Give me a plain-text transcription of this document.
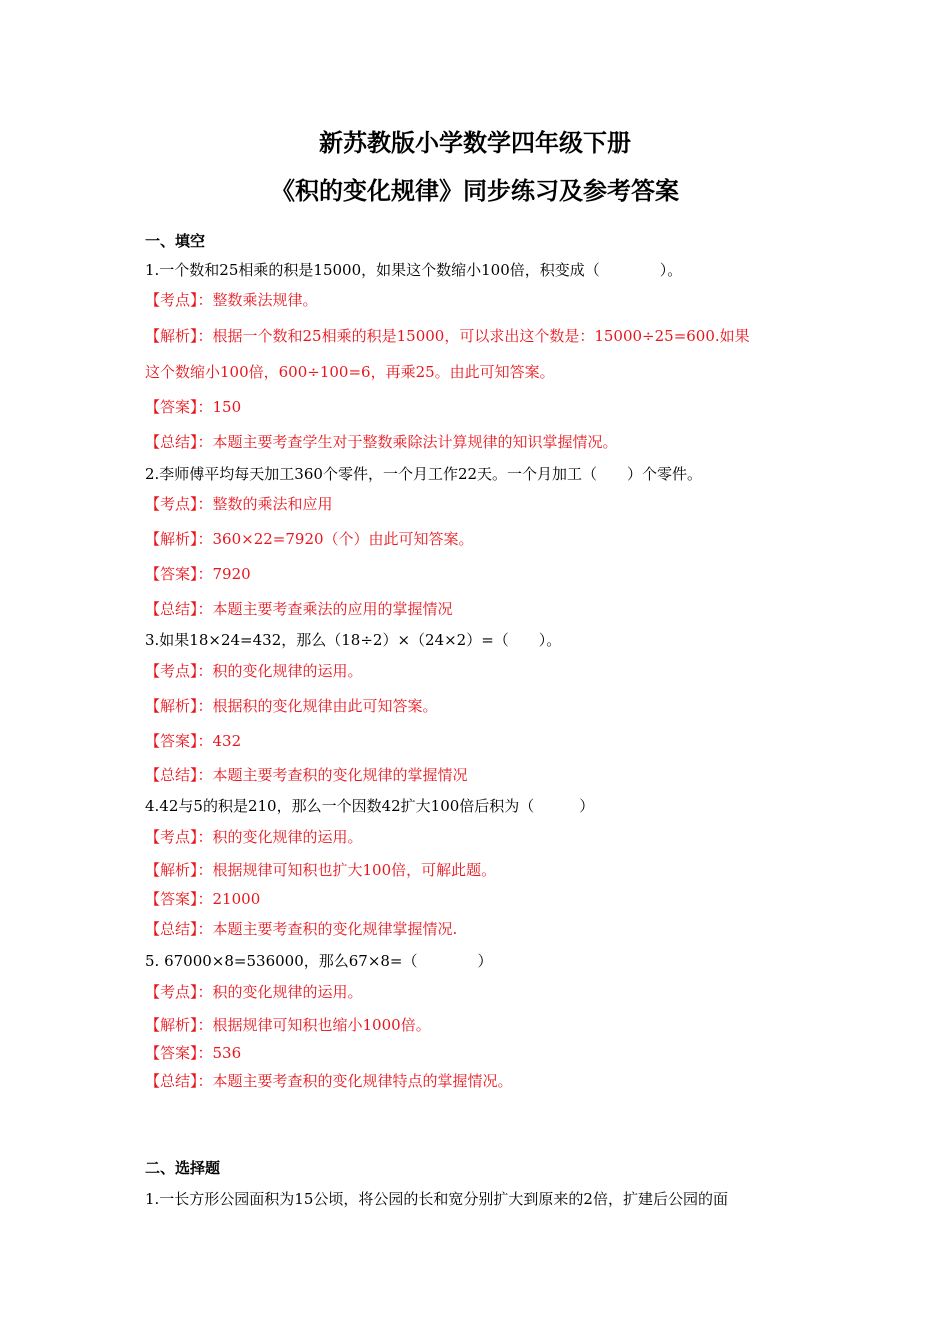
新苏教版小学数学四年级下册
《积的变化规律》同步练习及参考答案
一、填空
1.一个数和25相乘的积是15000，如果这个数缩小100倍，积变成（　　　　）。
【考点】：整数乘法规律。
【解析】：根据一个数和25相乘的积是15000，可以求出这个数是：15000÷25=600.如果
这个数缩小100倍，600÷100=6，再乘25。由此可知答案。
【答案】：150
【总结】：本题主要考查学生对于整数乘除法计算规律的知识掌握情况。
2.李师傅平均每天加工360个零件，一个月工作22天。一个月加工（　　）个零件。
【考点】：整数的乘法和应用
【解析】：360×22=7920（个）由此可知答案。
【答案】：7920
【总结】：本题主要考查乘法的应用的掌握情况
3.如果18×24=432，那么（18÷2）×（24×2）=（　　）。
【考点】：积的变化规律的运用。
【解析】：根据积的变化规律由此可知答案。
【答案】：432
【总结】：本题主要考查积的变化规律的掌握情况
4.42与5的积是210，那么一个因数42扩大100倍后积为（　　　）
【考点】：积的变化规律的运用。
【解析】：根据规律可知积也扩大100倍，可解此题。
【答案】：21000
【总结】：本题主要考查积的变化规律掌握情况.
5. 67000×8=536000，那么67×8=（　　　　）
【考点】：积的变化规律的运用。
【解析】：根据规律可知积也缩小1000倍。
【答案】：536
【总结】：本题主要考查积的变化规律特点的掌握情况。
二、选择题
1.一长方形公园面积为15公顷，将公园的长和宽分别扩大到原来的2倍，扩建后公园的面
